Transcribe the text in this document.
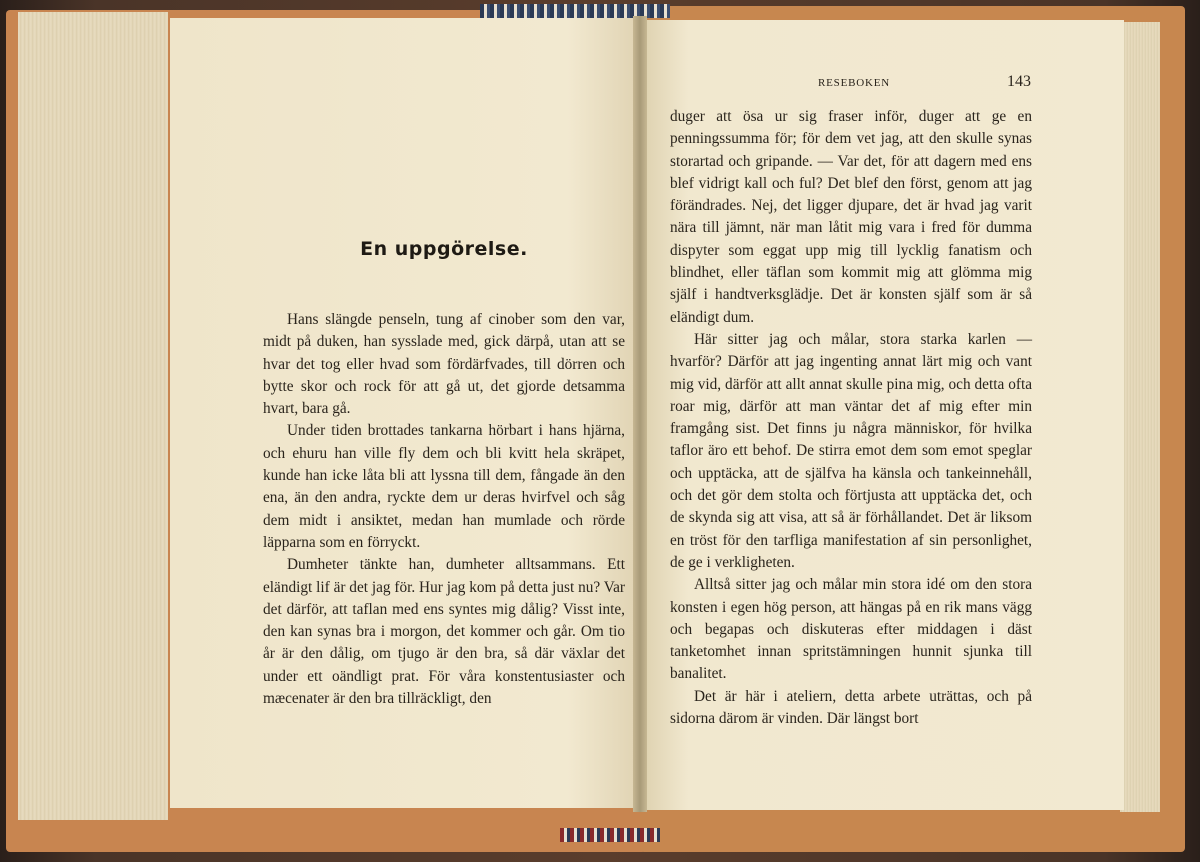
En uppgörelse.

Hans slängde penseln, tung af cinober som den var, midt på duken, han sysslade med, gick därpå, utan att se hvar det tog eller hvad som fördärfvades, till dörren och bytte skor och rock för att gå ut, det gjorde detsamma hvart, bara gå.

Under tiden brottades tankarna hörbart i hans hjärna, och ehuru han ville fly dem och bli kvitt hela skräpet, kunde han icke låta bli att lyssna till dem, fångade än den ena, än den andra, ryckte dem ur deras hvirfvel och såg dem midt i ansiktet, medan han mumlade och rörde läpparna som en förryckt.

Dumheter tänkte han, dumheter alltsammans. Ett eländigt lif är det jag för. Hur jag kom på detta just nu? Var det därför, att taflan med ens syntes mig dålig? Visst inte, den kan synas bra i morgon, det kommer och går. Om tio år är den dålig, om tjugo är den bra, så där växlar det under ett oändligt prat. För våra konstentusiaster och mæcenater är den bra tillräckligt, den

RESEBOKEN	143

duger att ösa ur sig fraser inför, duger att ge en penningssumma för; för dem vet jag, att den skulle synas storartad och gripande. — Var det, för att dagern med ens blef vidrigt kall och ful? Det blef den först, genom att jag förändrades. Nej, det ligger djupare, det är hvad jag varit nära till jämnt, när man låtit mig vara i fred för dumma dispyter som eggat upp mig till lycklig fanatism och blindhet, eller täflan som kommit mig att glömma mig själf i handtverksglädje. Det är konsten själf som är så eländigt dum.

Här sitter jag och målar, stora starka karlen — hvarför? Därför att jag ingenting annat lärt mig och vant mig vid, därför att allt annat skulle pina mig, och detta ofta roar mig, därför att man väntar det af mig efter min framgång sist. Det finns ju några människor, för hvilka taflor äro ett behof. De stirra emot dem som emot speglar och upptäcka, att de själfva ha känsla och tankeinnehåll, och det gör dem stolta och förtjusta att upptäcka det, och de skynda sig att visa, att så är förhållandet. Det är liksom en tröst för den tarfliga manifestation af sin personlighet, de ge i verkligheten.

Alltså sitter jag och målar min stora idé om den stora konsten i egen hög person, att hängas på en rik mans vägg och begapas och diskuteras efter middagen i däst tanketomhet innan spritstämningen hunnit sjunka till banalitet.

Det är här i ateliern, detta arbete uträttas, och på sidorna därom är vinden. Där längst bort
